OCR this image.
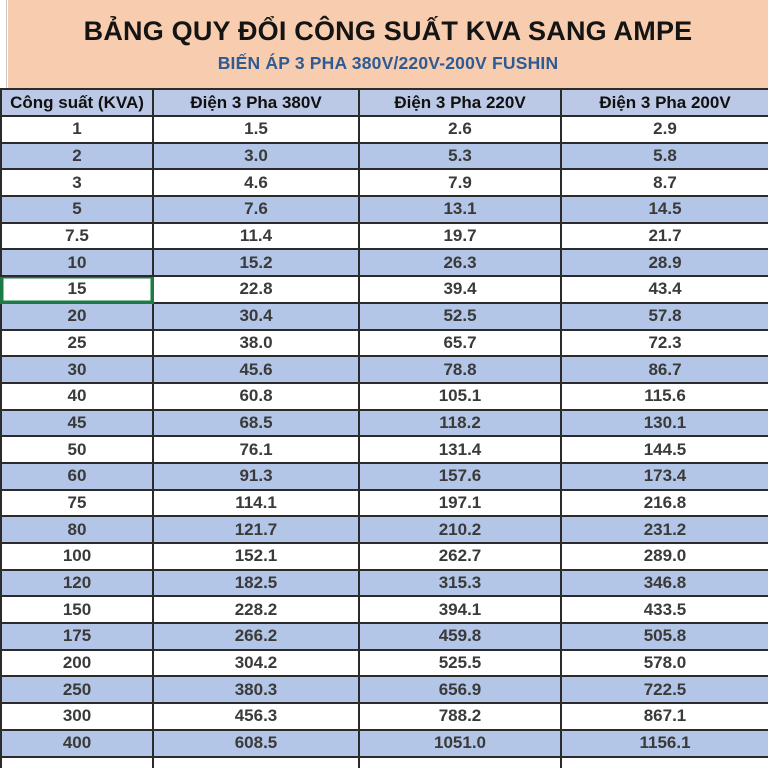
BẢNG QUY ĐỔI CÔNG SUẤT KVA SANG AMPE
BIẾN ÁP 3 PHA 380V/220V-200V FUSHIN
Công suất (KVA)	Điện 3 Pha 380V	Điện 3 Pha 220V	Điện 3 Pha 200V
1	1.5	2.6	2.9
2	3.0	5.3	5.8
3	4.6	7.9	8.7
5	7.6	13.1	14.5
7.5	11.4	19.7	21.7
10	15.2	26.3	28.9
15	22.8	39.4	43.4
20	30.4	52.5	57.8
25	38.0	65.7	72.3
30	45.6	78.8	86.7
40	60.8	105.1	115.6
45	68.5	118.2	130.1
50	76.1	131.4	144.5
60	91.3	157.6	173.4
75	114.1	197.1	216.8
80	121.7	210.2	231.2
100	152.1	262.7	289.0
120	182.5	315.3	346.8
150	228.2	394.1	433.5
175	266.2	459.8	505.8
200	304.2	525.5	578.0
250	380.3	656.9	722.5
300	456.3	788.2	867.1
400	608.5	1051.0	1156.1
